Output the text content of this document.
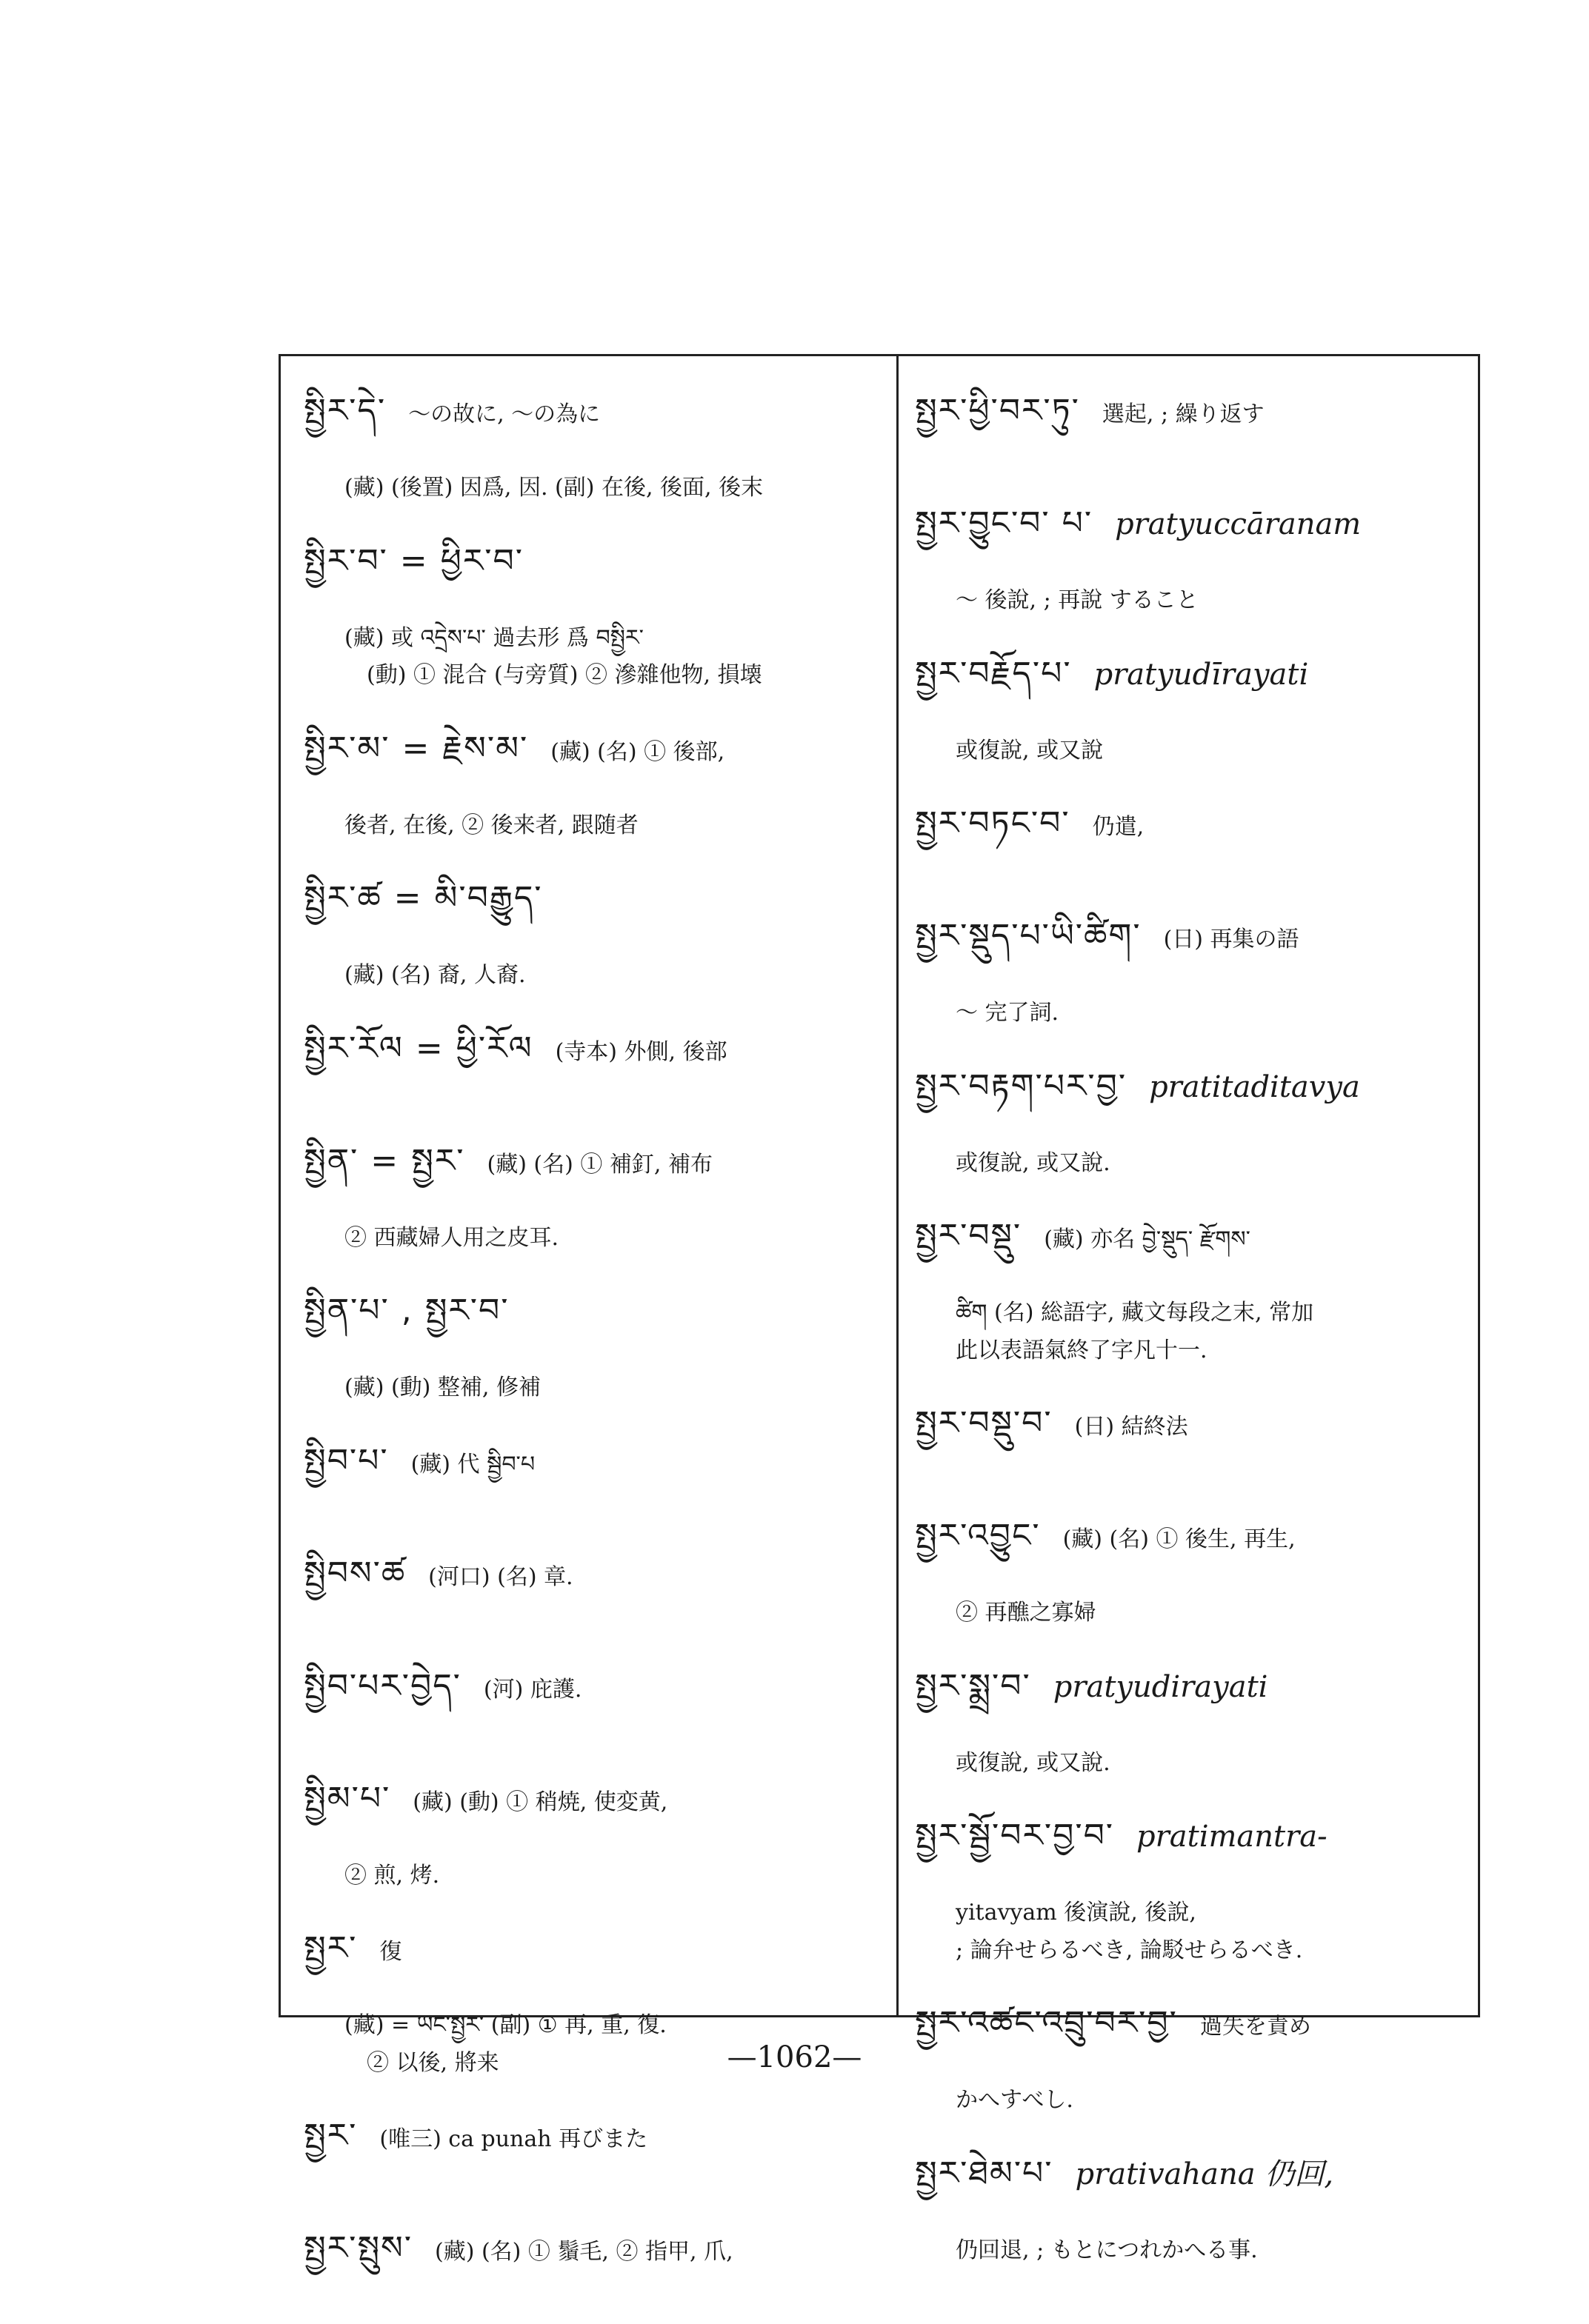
སྤྱིར་དེ་ 〜の故に, 〜の為に
(藏) (後置) 因爲, 因. (副) 在後, 後面, 後末
སྤྱིར་བ་ = ཕྱིར་བ་
(藏) 或 འདྲེས་པ་ 過去形 爲 བསྤྱིར་
(動) ① 混合 (与旁質) ② 滲雜他物, 損壊
སྤྱིར་མ་ = རྗེས་མ་ (藏) (名) ① 後部,
後者, 在後, ② 後来者, 跟随者
སྤྱིར་ཚ = མི་བརྒྱུད་
(藏) (名) 裔, 人裔.
སྤྱིར་རོལ = ཕྱི་རོལ (寺本) 外側, 後部
སྤྱིན་ = སྤྱར་ (藏) (名) ① 補釘, 補布
② 西藏婦人用之皮耳.
སྤྱིན་པ་ , སྤྱར་བ་
(藏) (動) 整補, 修補
སྤྱིབ་པ་ (藏) 代 སྦྱིབ་པ
སྤྱིབས་ཚ (河口) (名) 章.
སྤྱིབ་པར་བྱེད་ (河) 庇護.
སྤྱིམ་པ་ (藏) (動) ① 稍焼, 使変黄,
② 煎, 烤.
སྤྱར་ 復
(藏) = ཡང་སྤྱར་ (副) ① 再, 重, 復.
② 以後, 將来
སྤྱར་ (唯三) ca punah 再びまた
སྤྱར་སྤུས་ (藏) (名) ① 鬚毛, ② 指甲, 爪,
སྤྱར་ཕྱི་བར་ཏུ་ 選起, ; 繰り返す
སྤྱར་བྱུང་བ་ པ་ pratyuccāranam
〜 後說, ; 再說 すること
སྤྱར་བརྗོད་པ་ pratyudīrayati
或復說, 或又說
སྤྱར་བཏང་བ་ 仍遣,
སྤྱར་སྡུད་པ་ཡི་ཚིག་ (日) 再集の語
〜 完了詞.
སྤྱར་བརྟག་པར་བྱ་ pratitaditavya
或復說, 或又說.
སྤྱར་བསྡུ་ (藏) 亦名 བྱེ་སྡུད་ རྫོགས་
ཚིག (名) 総語字, 藏文每段之末, 常加
此以表語氣終了字凡十一.
སྤྱར་བསྡུ་བ་ (日) 結終法
སྤྱར་འབྱུང་ (藏) (名) ① 後生, 再生,
② 再醮之寡婦
སྤྱར་སྨྲ་བ་ pratyudirayati
或復說, 或又說.
སྤྱར་སྦྱོ་བར་བྱ་བ་ pratimantra-
yitavyam 後演說, 後說,
; 論弁せらるべき, 論駁せらるべき.
སྤྱར་འཚང་འབྲུ་བར་བྱ་ 過失を責め
かへすべし.
སྤྱར་ཐེམ་པ་ prativahana 仍回,
仍回退, ; もとにつれかへる事.
—1062—
